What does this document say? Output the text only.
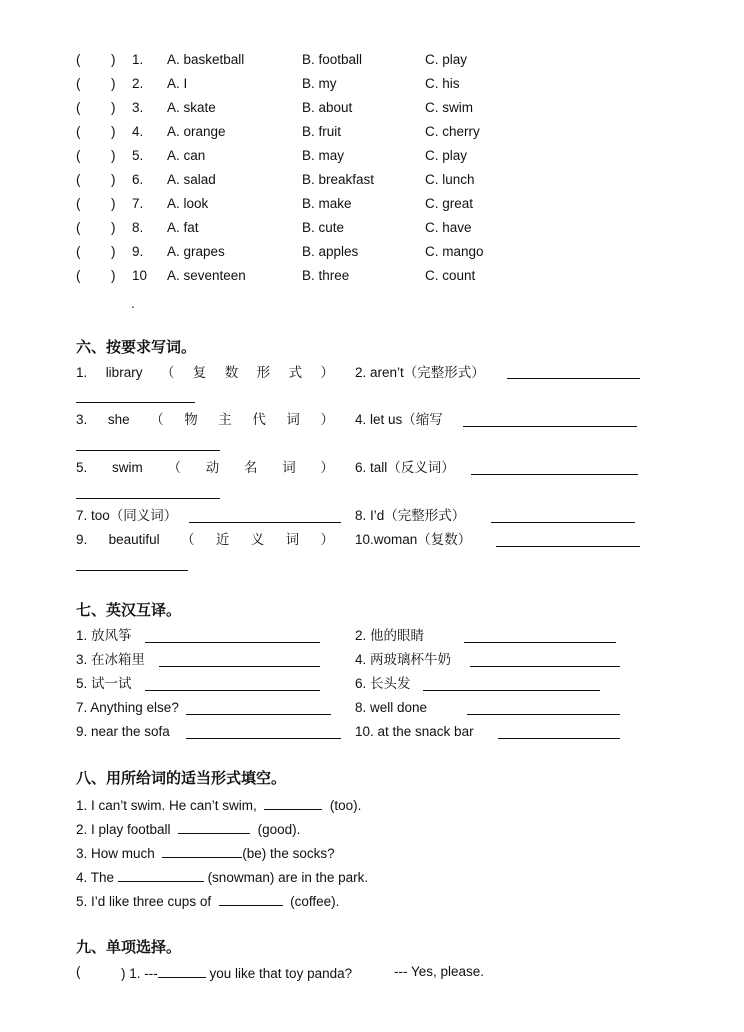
( ) 1. A. basketball	B. football	C. play
( ) 2. A. I	B. my	C. his
( ) 3. A. skate	B. about	C. swim
( ) 4. A. orange	B. fruit	C. cherry
( ) 5. A. can	B. may	C. play
( ) 6. A. salad	B. breakfast	C. lunch
( ) 7. A. look	B. make	C. great
( ) 8. A. fat	B. cute	C. have
( ) 9. A. grapes	B. apples	C. mango
( ) 10 A. seventeen	B. three	C. count
.
六、按要求写词。
1. library （ 复 数 形 式 ） 2. aren’t（完整形式）
3. she （ 物 主 代 词 ） 4. let us（缩写
5. swim （ 动 名 词 ） 6. tall（反义词）
7. too（同义词）	8. I’d（完整形式）
9. beautiful （ 近 义 词 ） 10.woman（复数）
七、英汉互译。
1. 放风筝	2. 他的眼睛
3. 在冰箱里	4. 两玻璃杯牛奶
5. 试一试	6. 长头发
7. Anything else?	8. well done
9. near the sofa	10. at the snack bar
八、用所给词的适当形式填空。
1. I can’t swim. He can’t swim,	(too).
2. I play football	(good).
3. How much	(be) the socks?
4. The	(snowman) are in the park.
5. I’d like three cups of	(coffee).
九、单项选择。
(	) 1. ---	you like that toy panda?	--- Yes, please.
